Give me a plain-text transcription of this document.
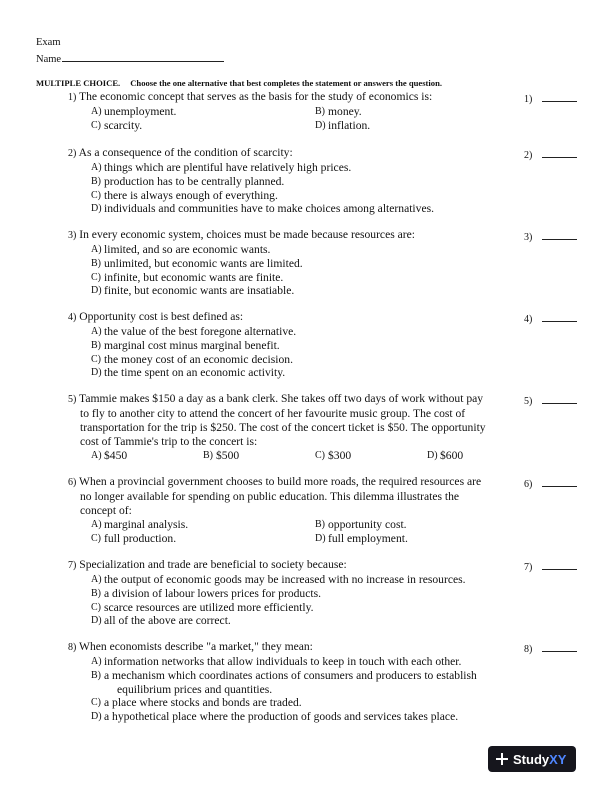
Exam
Name
MULTIPLE CHOICE. Choose the one alternative that best completes the statement or answers the question.
1) The economic concept that serves as the basis for the study of economics is:
A) unemployment.	B) money.
C) scarcity.	D) inflation.
1)
2) As a consequence of the condition of scarcity:
A) things which are plentiful have relatively high prices.
B) production has to be centrally planned.
C) there is always enough of everything.
D) individuals and communities have to make choices among alternatives.
2)
3) In every economic system, choices must be made because resources are:
A) limited, and so are economic wants.
B) unlimited, but economic wants are limited.
C) infinite, but economic wants are finite.
D) finite, but economic wants are insatiable.
3)
4) Opportunity cost is best defined as:
A) the value of the best foregone alternative.
B) marginal cost minus marginal benefit.
C) the money cost of an economic decision.
D) the time spent on an economic activity.
4)
5) Tammie makes $150 a day as a bank clerk. She takes off two days of work without pay
to fly to another city to attend the concert of her favourite music group. The cost of
transportation for the trip is $250. The cost of the concert ticket is $50. The opportunity
cost of Tammie's trip to the concert is:
A) $450	B) $500	C) $300	D) $600
5)
6) When a provincial government chooses to build more roads, the required resources are
no longer available for spending on public education. This dilemma illustrates the
concept of:
A) marginal analysis.	B) opportunity cost.
C) full production.	D) full employment.
6)
7) Specialization and trade are beneficial to society because:
A) the output of economic goods may be increased with no increase in resources.
B) a division of labour lowers prices for products.
C) scarce resources are utilized more efficiently.
D) all of the above are correct.
7)
8) When economists describe "a market," they mean:
A) information networks that allow individuals to keep in touch with each other.
B) a mechanism which coordinates actions of consumers and producers to establish
equilibrium prices and quantities.
C) a place where stocks and bonds are traded.
D) a hypothetical place where the production of goods and services takes place.
8)
Study XY
